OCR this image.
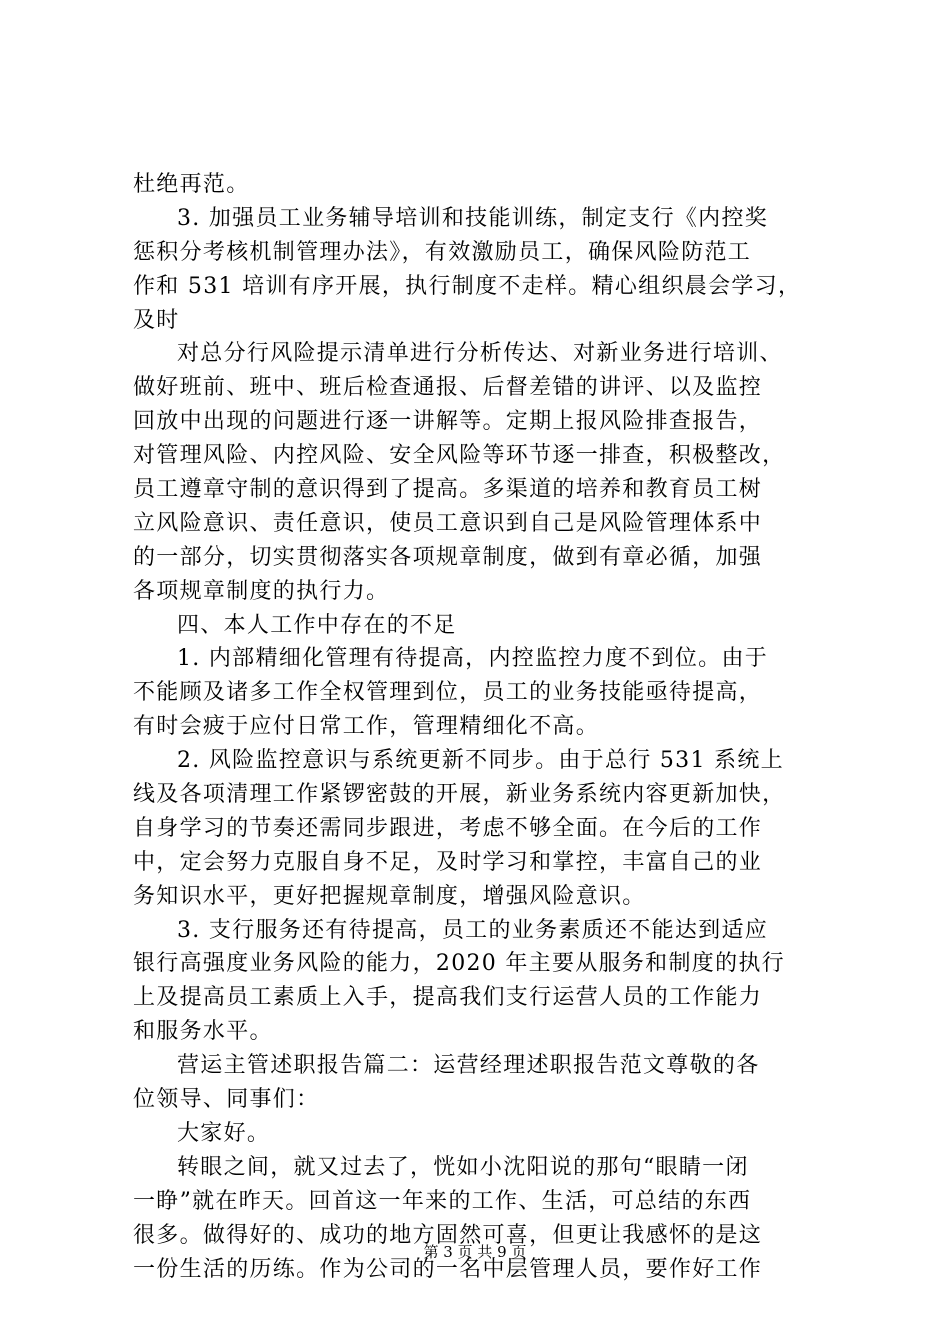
杜绝再范。
3. 加强员工业务辅导培训和技能训练，制定支行《内控奖
惩积分考核机制管理办法》，有效激励员工，确保风险防范工
作和 531 培训有序开展，执行制度不走样。精心组织晨会学习，
及时
对总分行风险提示清单进行分析传达、对新业务进行培训、
做好班前、班中、班后检查通报、后督差错的讲评、以及监控
回放中出现的问题进行逐一讲解等。定期上报风险排查报告，
对管理风险、内控风险、安全风险等环节逐一排查，积极整改，
员工遵章守制的意识得到了提高。多渠道的培养和教育员工树
立风险意识、责任意识，使员工意识到自己是风险管理体系中
的一部分，切实贯彻落实各项规章制度，做到有章必循，加强
各项规章制度的执行力。
四、本人工作中存在的不足
1. 内部精细化管理有待提高，内控监控力度不到位。由于
不能顾及诸多工作全权管理到位，员工的业务技能亟待提高，
有时会疲于应付日常工作，管理精细化不高。
2. 风险监控意识与系统更新不同步。由于总行 531 系统上
线及各项清理工作紧锣密鼓的开展，新业务系统内容更新加快，
自身学习的节奏还需同步跟进，考虑不够全面。在今后的工作
中，定会努力克服自身不足，及时学习和掌控，丰富自己的业
务知识水平，更好把握规章制度，增强风险意识。
3. 支行服务还有待提高，员工的业务素质还不能达到适应
银行高强度业务风险的能力，2020 年主要从服务和制度的执行
上及提高员工素质上入手，提高我们支行运营人员的工作能力
和服务水平。
营运主管述职报告篇二：运营经理述职报告范文尊敬的各
位领导、同事们：
大家好。
转眼之间，就又过去了，恍如小沈阳说的那句“眼睛一闭
一睁”就在昨天。回首这一年来的工作、生活，可总结的东西
很多。做得好的、成功的地方固然可喜，但更让我感怀的是这
一份生活的历练。作为公司的一名中层管理人员，要作好工作
第 3 页 共 9 页
